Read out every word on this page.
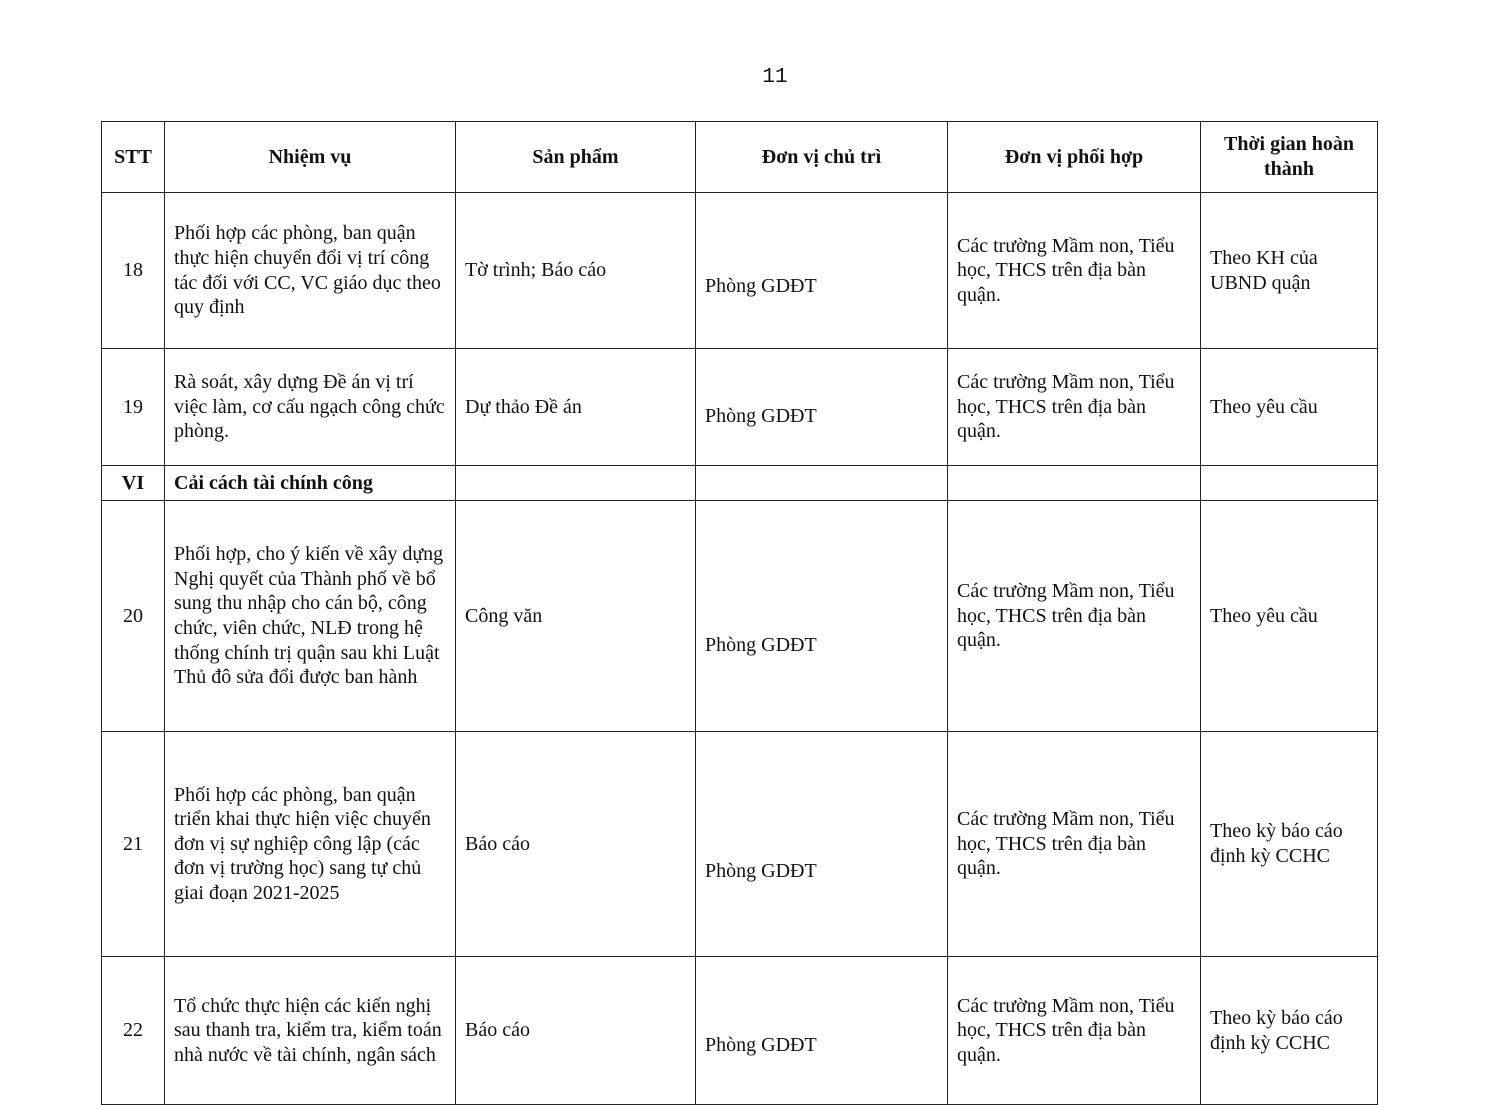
11
STT	Nhiệm vụ	Sản phẩm	Đơn vị chủ trì	Đơn vị phối hợp	Thời gian hoàn thành
18	Phối hợp các phòng, ban quận thực hiện chuyển đổi vị trí công tác đối với CC, VC giáo dục theo quy định	Tờ trình; Báo cáo	Phòng GDĐT	Các trường Mầm non, Tiểu học, THCS trên địa bàn quận.	Theo KH của UBND quận
19	Rà soát, xây dựng Đề án vị trí việc làm, cơ cấu ngạch công chức phòng.	Dự thảo Đề án	Phòng GDĐT	Các trường Mầm non, Tiểu học, THCS trên địa bàn quận.	Theo yêu cầu
VI	Cải cách tài chính công				
20	Phối hợp, cho ý kiến về xây dựng Nghị quyết của Thành phố về bổ sung thu nhập cho cán bộ, công chức, viên chức, NLĐ trong hệ thống chính trị quận sau khi Luật Thủ đô sửa đổi được ban hành	Công văn	Phòng GDĐT	Các trường Mầm non, Tiểu học, THCS trên địa bàn quận.	Theo yêu cầu
21	Phối hợp các phòng, ban quận triển khai thực hiện việc chuyển đơn vị sự nghiệp công lập (các đơn vị trường học) sang tự chủ giai đoạn 2021-2025	Báo cáo	Phòng GDĐT	Các trường Mầm non, Tiểu học, THCS trên địa bàn quận.	Theo kỳ báo cáo định kỳ CCHC
22	Tổ chức thực hiện các kiến nghị sau thanh tra, kiểm tra, kiểm toán nhà nước về tài chính, ngân sách	Báo cáo	Phòng GDĐT	Các trường Mầm non, Tiểu học, THCS trên địa bàn quận.	Theo kỳ báo cáo định kỳ CCHC
